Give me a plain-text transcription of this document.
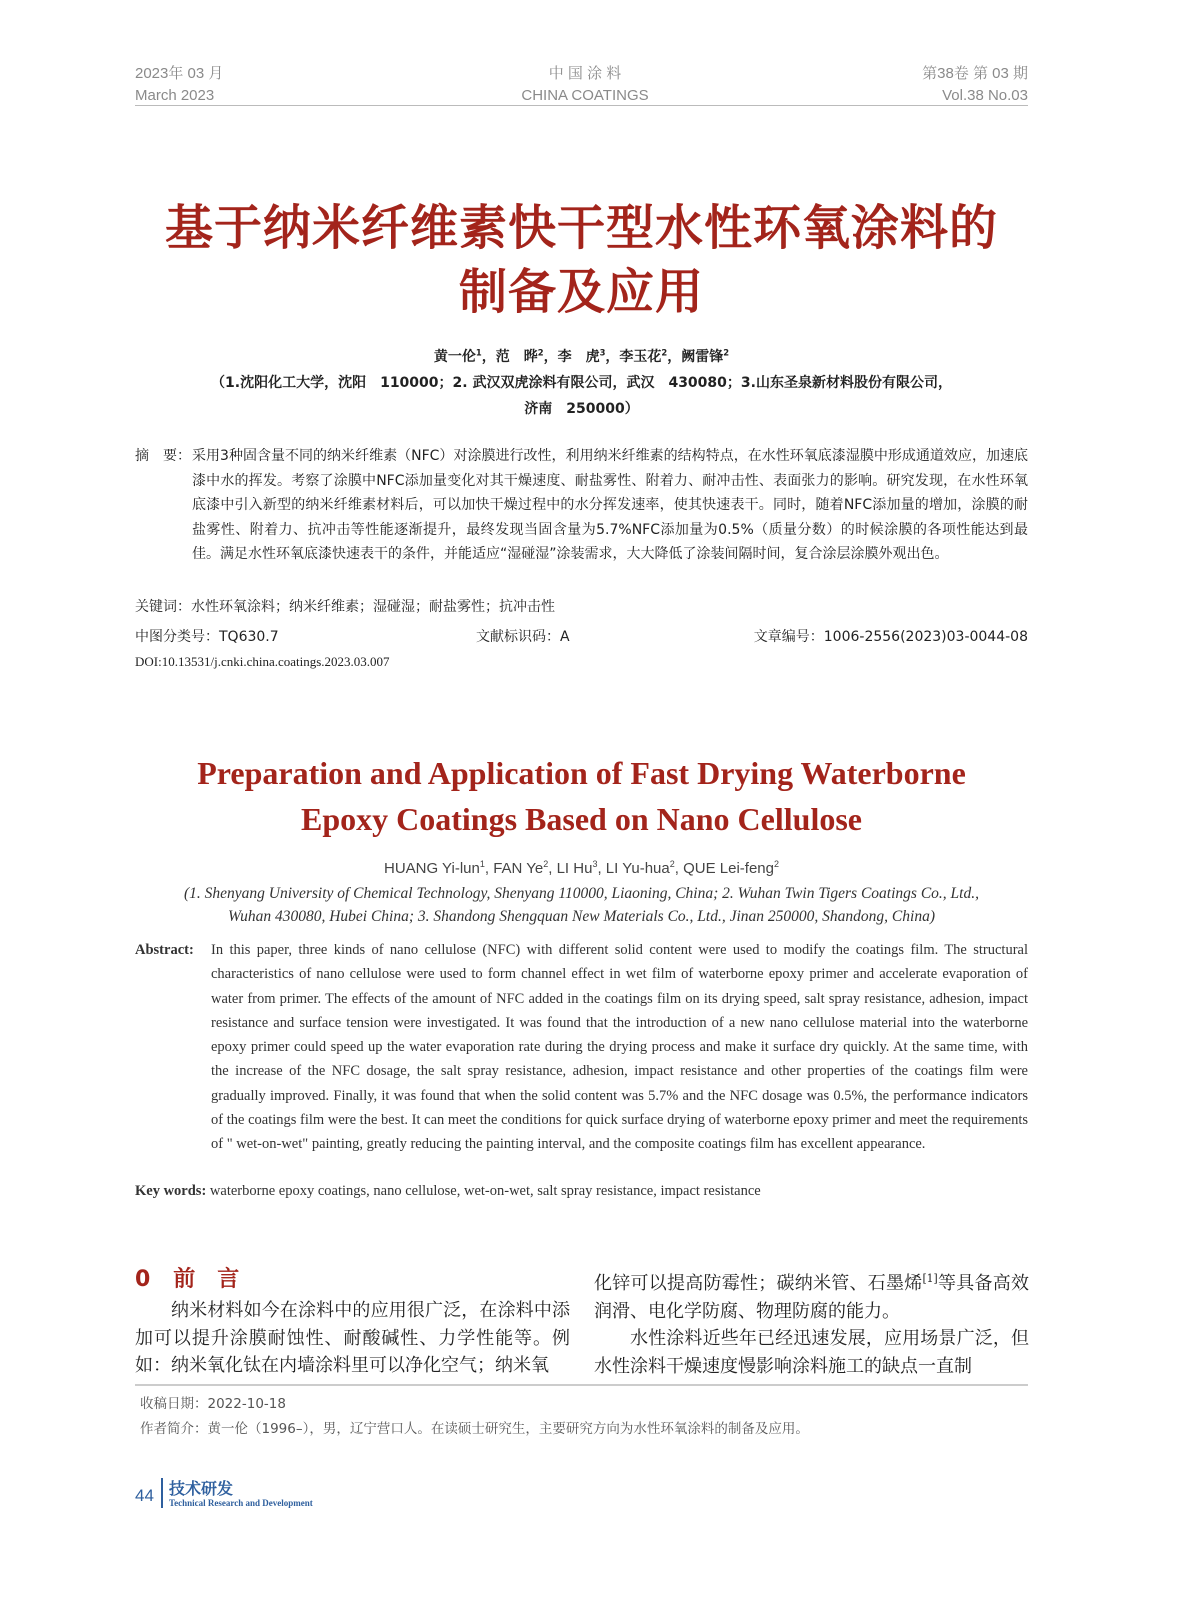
2023年 03 月
March 2023
中 国 涂 料
CHINA COATINGS
第38卷 第 03 期
Vol.38 No.03
基于纳米纤维素快干型水性环氧涂料的
制备及应用
黄一伦$^1$，范　晔$^2$，李　虎$^3$，李玉花$^2$，阙雷锋$^2$
（1.沈阳化工大学，沈阳　110000；2. 武汉双虎涂料有限公司，武汉　430080；3.山东圣泉新材料股份有限公司，
济南　250000）
摘　要： 采用3种固含量不同的纳米纤维素（NFC）对涂膜进行改性，利用纳米纤维素的结构特点，在水性环氧底漆湿膜中形成通道效应，加速底漆中水的挥发。考察了涂膜中NFC添加量变化对其干燥速度、耐盐雾性、附着力、耐冲击性、表面张力的影响。研究发现，在水性环氧底漆中引入新型的纳米纤维素材料后，可以加快干燥过程中的水分挥发速率，使其快速表干。同时，随着NFC添加量的增加，涂膜的耐盐雾性、附着力、抗冲击等性能逐渐提升，最终发现当固含量为5.7%NFC添加量为0.5%（质量分数）的时候涂膜的各项性能达到最佳。满足水性环氧底漆快速表干的条件，并能适应“湿碰湿”涂装需求，大大降低了涂装间隔时间，复合涂层涂膜外观出色。
关键词：水性环氧涂料；纳米纤维素；湿碰湿；耐盐雾性；抗冲击性
中图分类号：TQ630.7	文献标识码：A	文章编号：1006-2556(2023)03-0044-08
DOI:10.13531/j.cnki.china.coatings.2023.03.007
Preparation and Application of Fast Drying Waterborne
Epoxy Coatings Based on Nano Cellulose
HUANG Yi-lun$^1$, FAN Ye$^2$, LI Hu$^3$, LI Yu-hua$^2$, QUE Lei-feng$^2$
(1. Shenyang University of Chemical Technology, Shenyang 110000, Liaoning, China; 2. Wuhan Twin Tigers Coatings Co., Ltd.,
Wuhan 430080, Hubei China; 3. Shandong Shengquan New Materials Co., Ltd., Jinan 250000, Shandong, China)
Abstract:	In this paper, three kinds of nano cellulose (NFC) with different solid content were used to modify the coatings film. The structural characteristics of nano cellulose were used to form channel effect in wet film of waterborne epoxy primer and accelerate evaporation of water from primer. The effects of the amount of NFC added in the coatings film on its drying speed, salt spray resistance, adhesion, impact resistance and surface tension were investigated. It was found that the introduction of a new nano cellulose material into the waterborne epoxy primer could speed up the water evaporation rate during the drying process and make it surface dry quickly. At the same time, with the increase of the NFC dosage, the salt spray resistance, adhesion, impact resistance and other properties of the coatings film were gradually improved. Finally, it was found that when the solid content was 5.7% and the NFC dosage was 0.5%, the performance indicators of the coatings film were the best. It can meet the conditions for quick surface drying of waterborne epoxy primer and meet the requirements of " wet-on-wet" painting, greatly reducing the painting interval, and the composite coatings film has excellent appearance.
Key words: waterborne epoxy coatings, nano cellulose, wet-on-wet, salt spray resistance, impact resistance
0 前　言

纳米材料如今在涂料中的应用很广泛，在涂料中添加可以提升涂膜耐蚀性、耐酸碱性、力学性能等。例如：纳米氧化钛在内墙涂料里可以净化空气；纳米氧

化锌可以提高防霉性；碳纳米管、石墨烯[1]等具备高效润滑、电化学防腐、物理防腐的能力。

水性涂料近些年已经迅速发展，应用场景广泛，但水性涂料干燥速度慢影响涂料施工的缺点一直制

收稿日期：2022-10-18
作者简介：黄一伦（1996–），男，辽宁营口人。在读硕士研究生，主要研究方向为水性环氧涂料的制备及应用。
44 技术研发
Technical Research and Development
